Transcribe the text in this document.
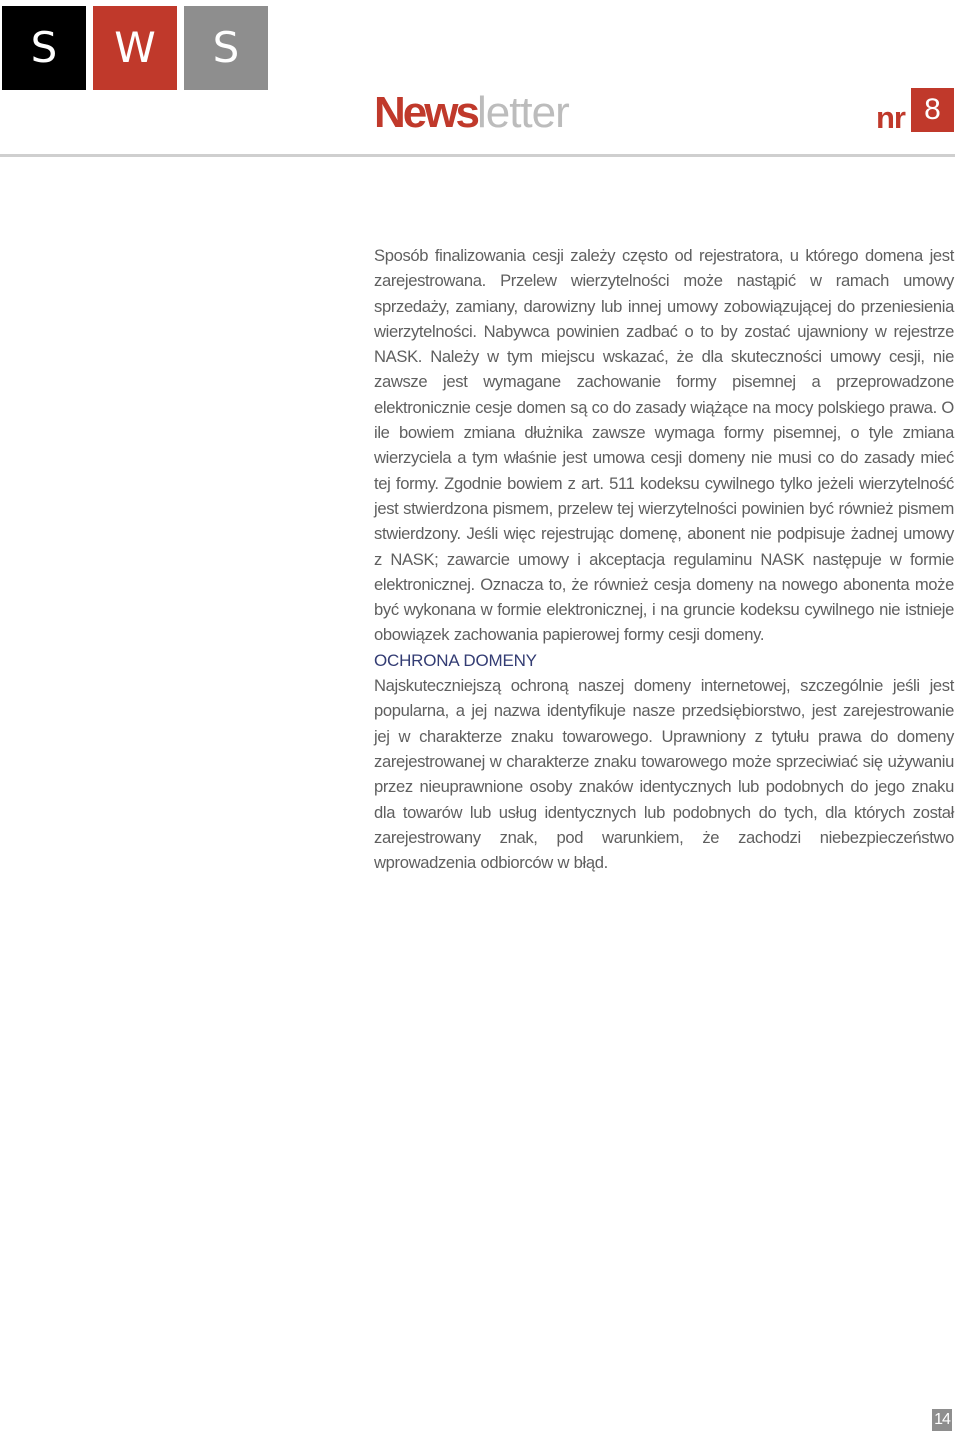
S	W	S
Newsletter	nr 8

Sposób finalizowania cesji zależy często od rejestratora, u którego domena jest zarejestrowana. Przelew wierzytelności może nastąpić w ramach umowy sprzedaży, zamiany, darowizny lub innej umowy zobowiązującej do przeniesienia wierzytelności. Nabywca powinien zadbać o to by zostać ujawniony w rejestrze NASK. Należy w tym miejscu wskazać, że dla skuteczności umowy cesji, nie zawsze jest wymagane zachowanie formy pisemnej a przeprowadzone elektronicznie cesje domen są co do zasady wiążące na mocy polskiego prawa. O ile bowiem zmiana dłużnika zawsze wymaga formy pisemnej, o tyle zmiana wierzyciela a tym właśnie jest umowa cesji domeny nie musi co do zasady mieć tej formy. Zgodnie bowiem z art. 511 kodeksu cywilnego tylko jeżeli wierzytelność jest stwierdzona pismem, przelew tej wierzytelności powinien być również pismem stwierdzony. Jeśli więc rejestrując domenę, abonent nie podpisuje żadnej umowy z NASK; zawarcie umowy i akceptacja regulaminu NASK następuje w formie elektronicznej. Oznacza to, że również cesja domeny na nowego abonenta może być wykonana w formie elektronicznej, i na gruncie kodeksu cywilnego nie istnieje obowiązek zachowania papierowej formy cesji domeny.

OCHRONA DOMENY

Najskuteczniejszą ochroną naszej domeny internetowej, szczególnie jeśli jest popularna, a jej nazwa identyfikuje nasze przedsiębiorstwo, jest zarejestrowanie jej w charakterze znaku towarowego. Uprawniony z tytułu prawa do domeny zarejestrowanej w charakterze znaku towarowego może sprzeciwiać się używaniu przez nieuprawnione osoby znaków identycznych lub podobnych do jego znaku dla towarów lub usług identycznych lub podobnych do tych, dla których został zarejestrowany znak, pod warunkiem, że zachodzi niebezpieczeństwo wprowadzenia odbiorców w błąd.

14
